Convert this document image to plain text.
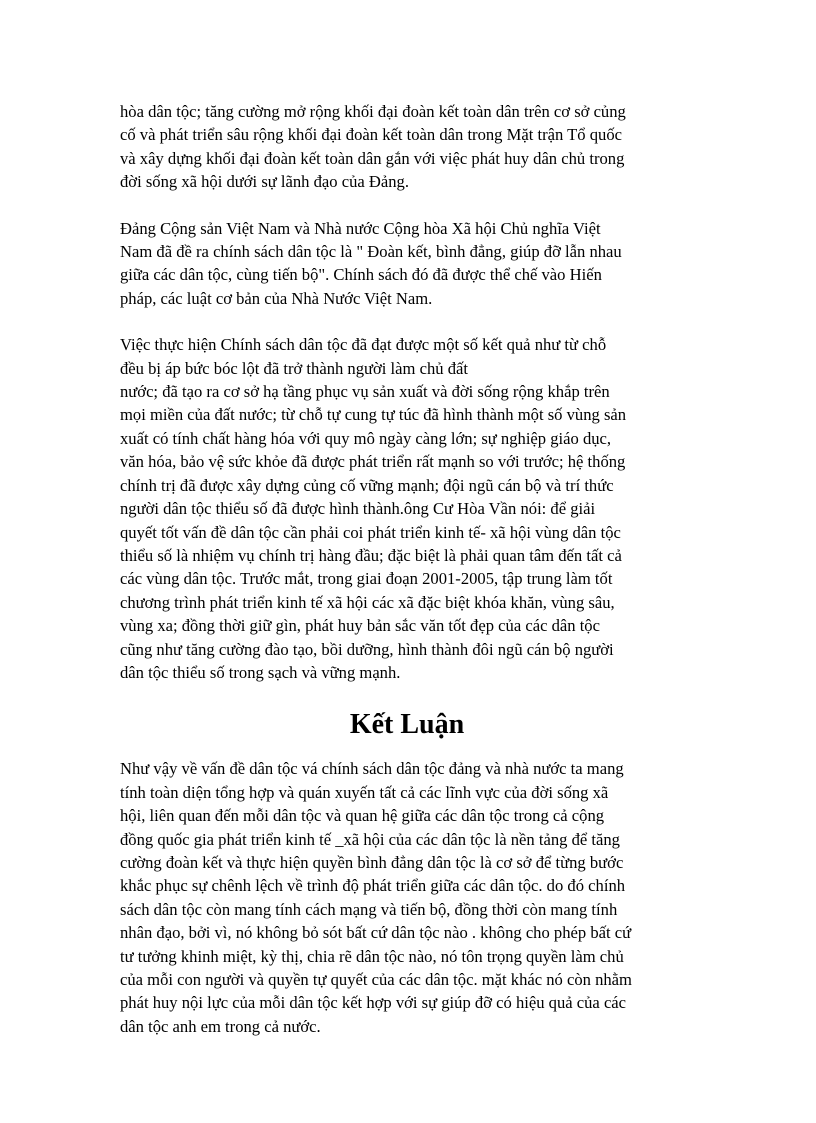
hòa dân tộc; tăng cường mở rộng khối đại đoàn kết toàn dân trên cơ sở củng
cố và phát triển sâu rộng khối đại đoàn kết toàn dân trong Mặt trận Tổ quốc
và xây dựng khối đại đoàn kết toàn dân gắn với việc phát huy dân chủ trong
đời sống xã hội dưới sự lãnh đạo của Đảng.

Đảng Cộng sản Việt Nam và Nhà nước Cộng hòa Xã hội Chủ nghĩa Việt
Nam đã đề ra chính sách dân tộc là " Đoàn kết, bình đẳng, giúp đỡ lẫn nhau
giữa các dân tộc, cùng tiến bộ". Chính sách đó đã được thể chế vào Hiến
pháp, các luật cơ bản của Nhà Nước Việt Nam.

Việc thực hiện Chính sách dân tộc đã đạt được một số kết quả như từ chỗ
đều bị áp bức bóc lột đã trở thành người làm chủ đất
nước; đã tạo ra cơ sở hạ tầng phục vụ sản xuất và đời sống rộng khắp trên
mọi miền của đất nước; từ chỗ tự cung tự túc đã hình thành một số vùng sản
xuất có tính chất hàng hóa với quy mô ngày càng lớn; sự nghiệp giáo dục,
văn hóa, bảo vệ sức khỏe đã được phát triển rất mạnh so với trước; hệ thống
chính trị đã được xây dựng củng cố vững mạnh; đội ngũ cán bộ và trí thức
người dân tộc thiểu số đã được hình thành.ông Cư Hòa Vần nói: để giải
quyết tốt vấn đề dân tộc cần phải coi phát triển kinh tế- xã hội vùng dân tộc
thiểu số là nhiệm vụ chính trị hàng đầu; đặc biệt là phải quan tâm đến tất cả
các vùng dân tộc. Trước mắt, trong giai đoạn 2001-2005, tập trung làm tốt
chương trình phát triển kinh tế xã hội các xã đặc biệt khóa khăn, vùng sâu,
vùng xa; đồng thời giữ gìn, phát huy bản sắc văn tốt đẹp của các dân tộc
cũng như tăng cường đào tạo, bồi dưỡng, hình thành đôi ngũ cán bộ người
dân tộc thiểu số trong sạch và vững mạnh.

Kết Luận

Như vậy về vấn đề dân tộc vá chính sách dân tộc đảng và nhà nước ta mang
tính toàn diện tổng hợp và quán xuyến tất cả các lĩnh vực của đời sống xã
hội, liên quan đến mỗi dân tộc và quan hệ giữa các dân tộc trong cả cộng
đồng quốc gia phát triển kinh tế _xã hội của các dân tộc là nền tảng để tăng
cường đoàn kết và thực hiện quyền bình đẳng dân tộc là cơ sở để từng bước
khắc phục sự chênh lệch về trình độ phát triển giữa các dân tộc. do đó chính
sách dân tộc còn mang tính cách mạng và tiến bộ, đồng thời còn mang tính
nhân đạo, bởi vì, nó không bỏ sót bất cứ dân tộc nào . không cho phép bất cứ
tư tưởng khinh miệt, kỳ thị, chia rẽ dân tộc nào, nó tôn trọng quyền làm chủ
của mỗi con người và quyền tự quyết của các dân tộc. mặt khác nó còn nhằm
phát huy nội lực của mỗi dân tộc kết hợp với sự giúp đỡ có hiệu quả của các
dân tộc anh em trong cả nước.
